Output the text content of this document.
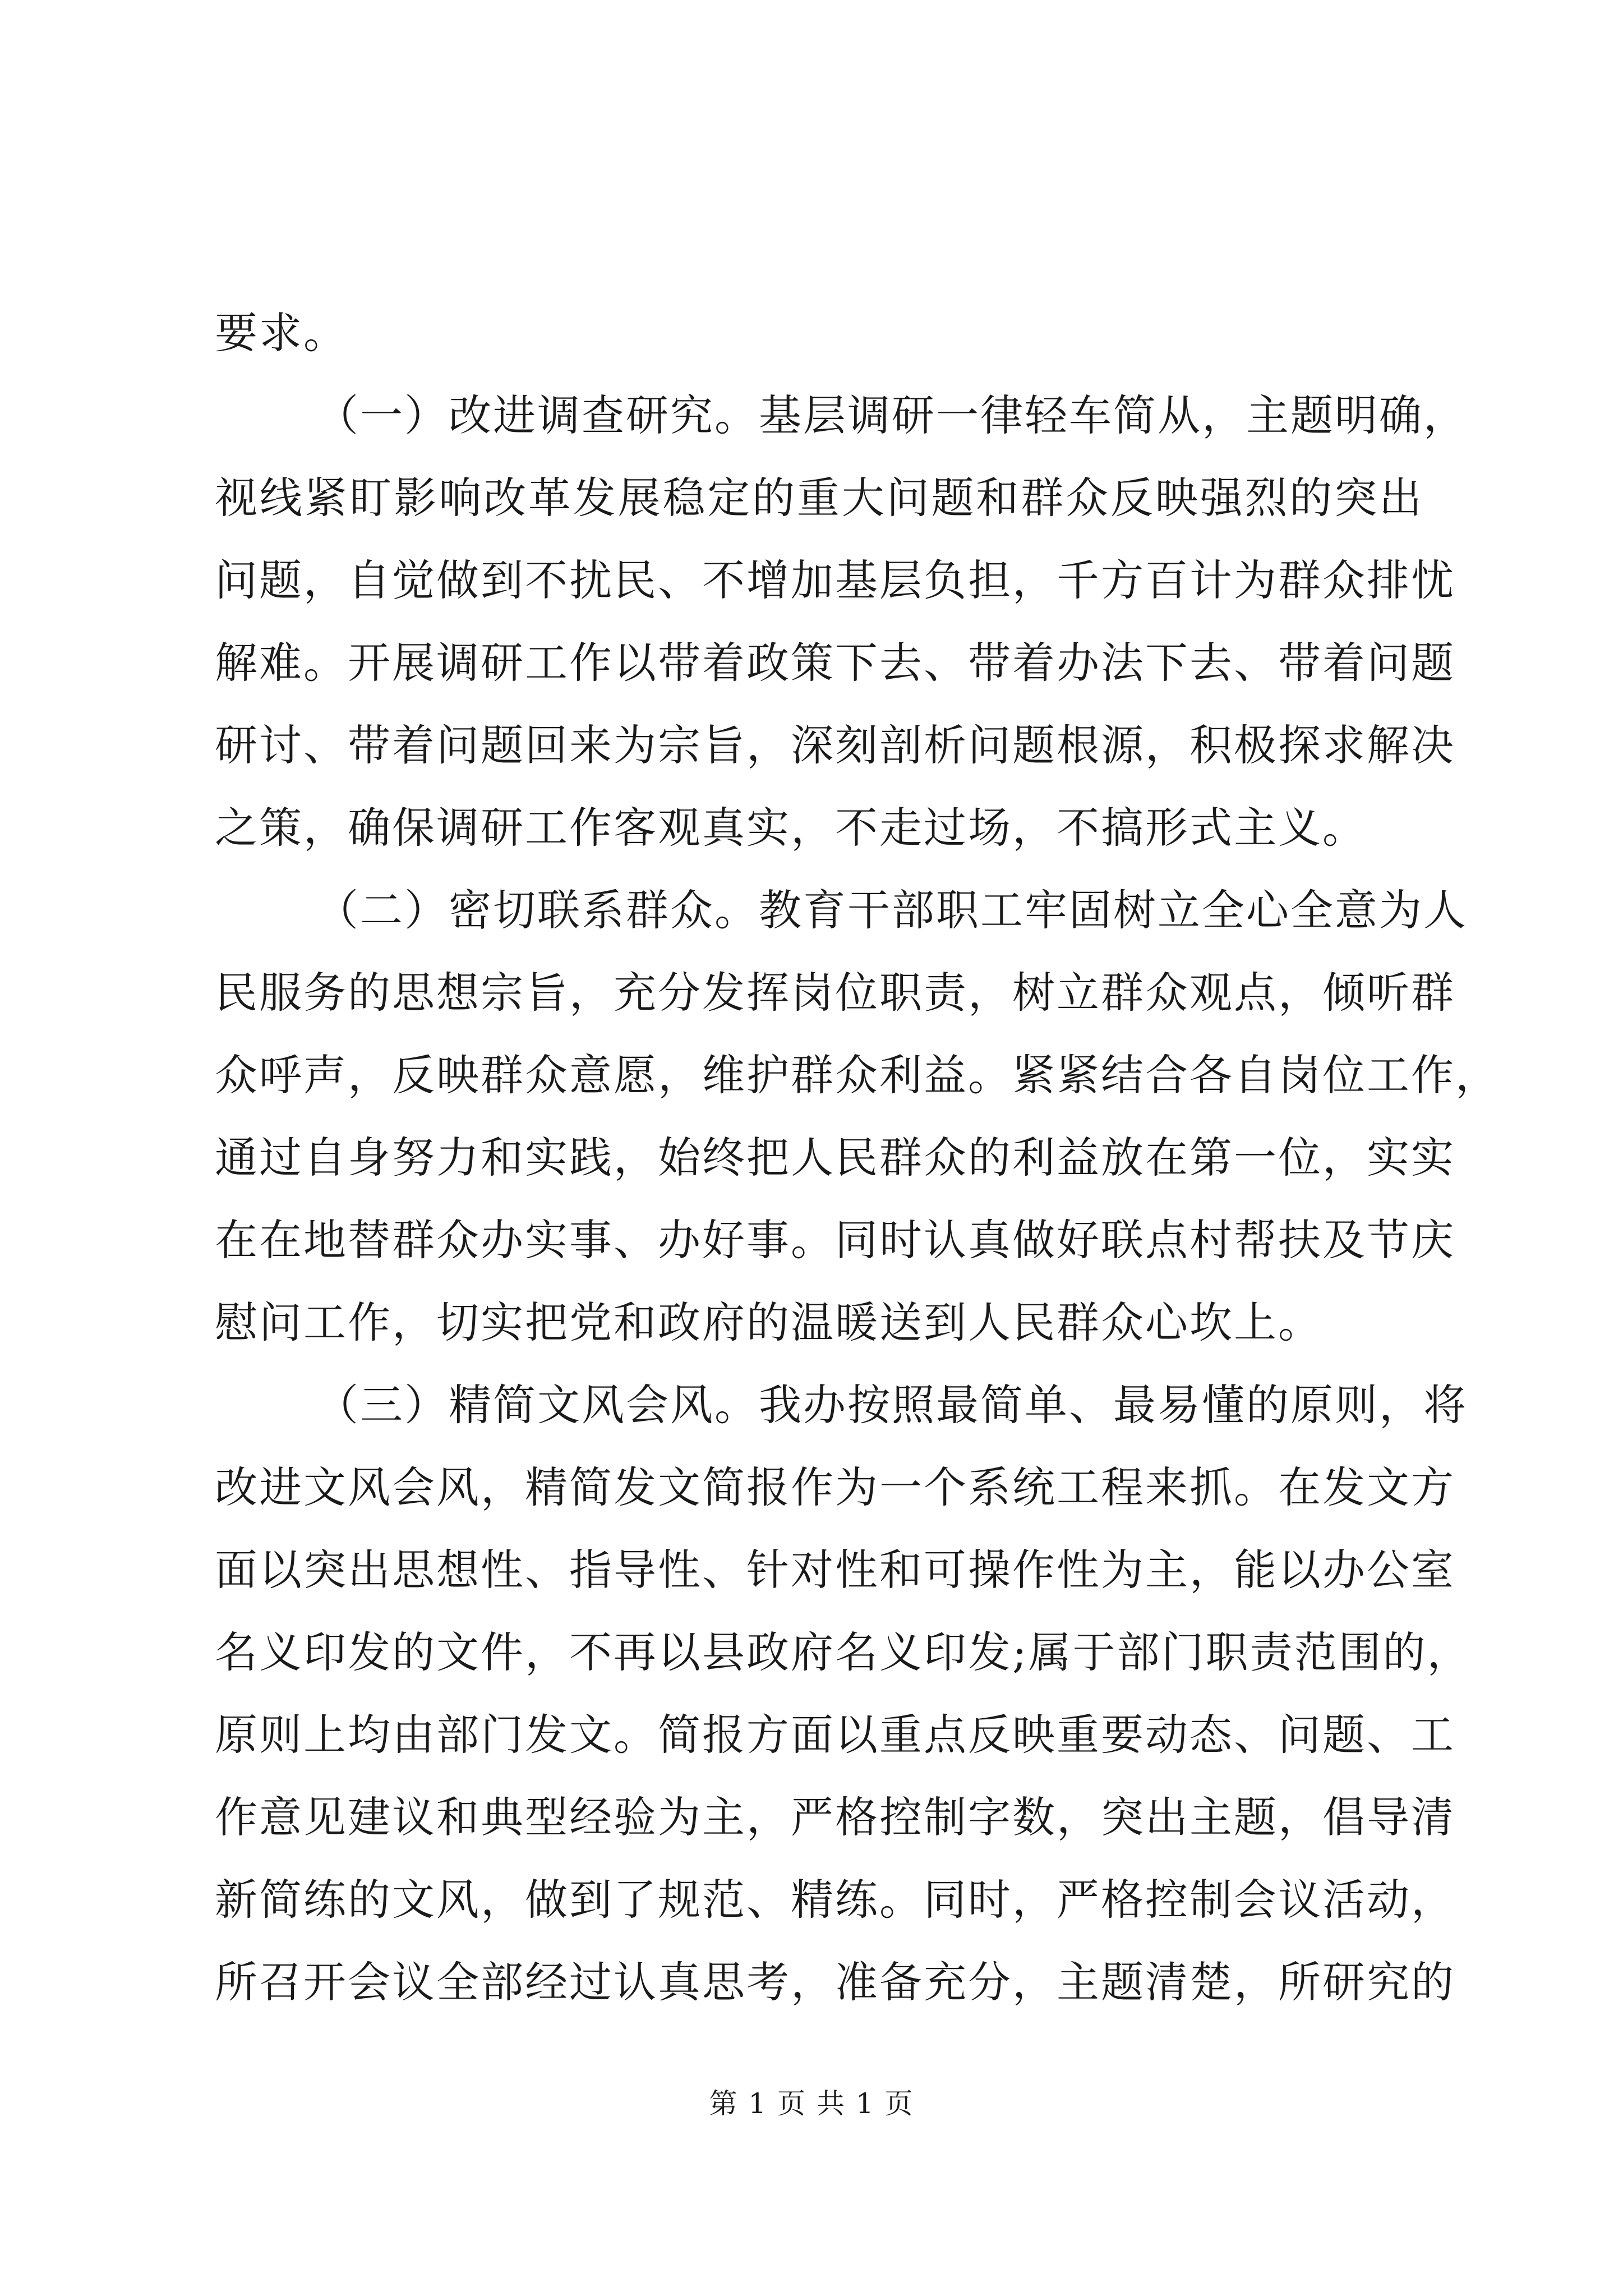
要求。
（一）改进调查研究。基层调研一律轻车简从，主题明确，
视线紧盯影响改革发展稳定的重大问题和群众反映强烈的突出
问题，自觉做到不扰民、不增加基层负担，千方百计为群众排忧
解难。开展调研工作以带着政策下去、带着办法下去、带着问题
研讨、带着问题回来为宗旨，深刻剖析问题根源，积极探求解决
之策，确保调研工作客观真实，不走过场，不搞形式主义。
（二）密切联系群众。教育干部职工牢固树立全心全意为人
民服务的思想宗旨，充分发挥岗位职责，树立群众观点，倾听群
众呼声，反映群众意愿，维护群众利益。紧紧结合各自岗位工作，
通过自身努力和实践，始终把人民群众的利益放在第一位，实实
在在地替群众办实事、办好事。同时认真做好联点村帮扶及节庆
慰问工作，切实把党和政府的温暖送到人民群众心坎上。
（三）精简文风会风。我办按照最简单、最易懂的原则，将
改进文风会风，精简发文简报作为一个系统工程来抓。在发文方
面以突出思想性、指导性、针对性和可操作性为主，能以办公室
名义印发的文件，不再以县政府名义印发;属于部门职责范围的，
原则上均由部门发文。简报方面以重点反映重要动态、问题、工
作意见建议和典型经验为主，严格控制字数，突出主题，倡导清
新简练的文风，做到了规范、精练。同时，严格控制会议活动，
所召开会议全部经过认真思考，准备充分，主题清楚，所研究的
第 1 页 共 1 页
